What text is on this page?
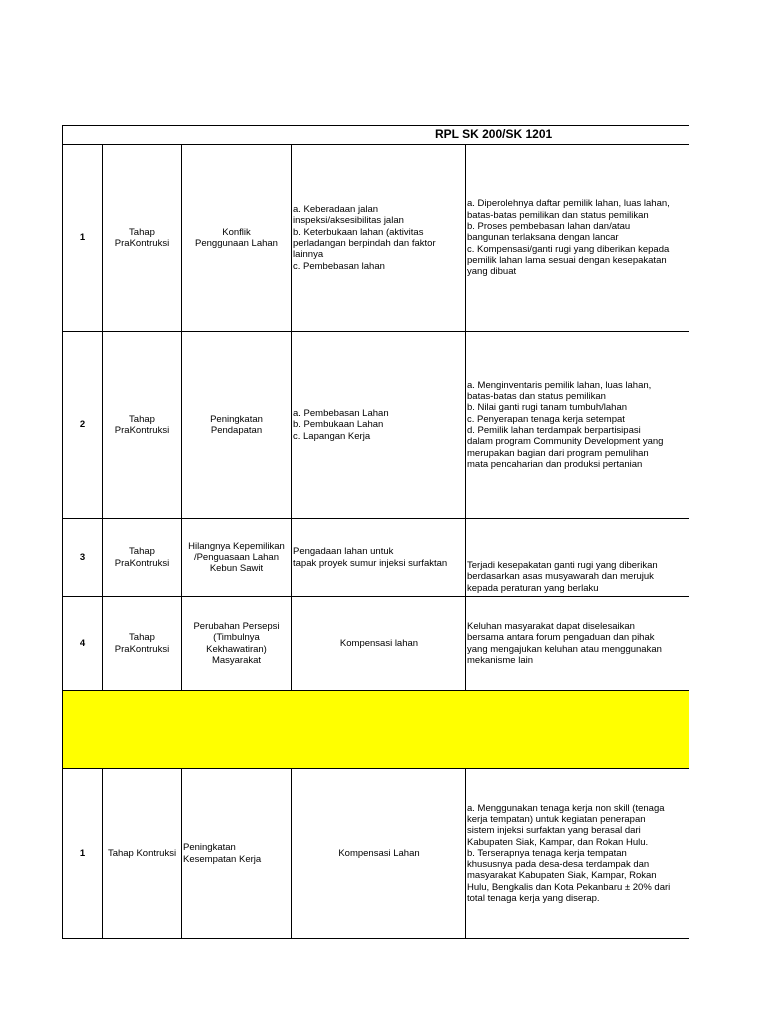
RPL SK 200/SK 1201
1
Tahap
PraKontruksi
Konflik
Penggunaan Lahan
a. Keberadaan jalan
inspeksi/aksesibilitas jalan
b. Keterbukaan lahan (aktivitas
perladangan berpindah dan faktor
lainnya
c. Pembebasan lahan
a. Diperolehnya daftar pemilik lahan, luas lahan,
batas-batas pemilikan dan status pemilikan
b. Proses pembebasan lahan dan/atau
bangunan terlaksana dengan lancar
c. Kompensasi/ganti rugi yang diberikan kepada
pemilik lahan lama sesuai dengan kesepakatan
yang dibuat
2
Tahap
PraKontruksi
Peningkatan
Pendapatan
a. Pembebasan Lahan
b. Pembukaan Lahan
c. Lapangan Kerja
a. Menginventaris pemilik lahan, luas lahan,
batas-batas dan status pemilikan
b. Nilai ganti rugi tanam tumbuh/lahan
c. Penyerapan tenaga kerja setempat
d. Pemilik lahan terdampak berpartisipasi
dalam program Community Development yang
merupakan bagian dari program pemulihan
mata pencaharian dan produksi pertanian
3
Tahap
PraKontruksi
Hilangnya Kepemilikan
/Penguasaan Lahan
Kebun Sawit
Pengadaan lahan untuk
tapak proyek sumur injeksi surfaktan	Terjadi kesepakatan ganti rugi yang diberikan
berdasarkan asas musyawarah dan merujuk
kepada peraturan yang berlaku
4
Tahap
PraKontruksi
Perubahan Persepsi
(Timbulnya
Kekhawatiran)
Masyarakat
Kompensasi lahan
Keluhan masyarakat dapat diselesaikan
bersama antara forum pengaduan dan pihak
yang mengajukan keluhan atau menggunakan
mekanisme lain
1	Tahap Kontruksi
Peningkatan
Kesempatan Kerja
Kompensasi Lahan
a. Menggunakan tenaga kerja non skill (tenaga
kerja tempatan) untuk kegiatan penerapan
sistem injeksi surfaktan yang berasal dari
Kabupaten Siak, Kampar, dan Rokan Hulu.
b. Terserapnya tenaga kerja tempatan
khususnya pada desa-desa terdampak dan
masyarakat Kabupaten Siak, Kampar, Rokan
Hulu, Bengkalis dan Kota Pekanbaru ± 20% dari
total tenaga kerja yang diserap.
